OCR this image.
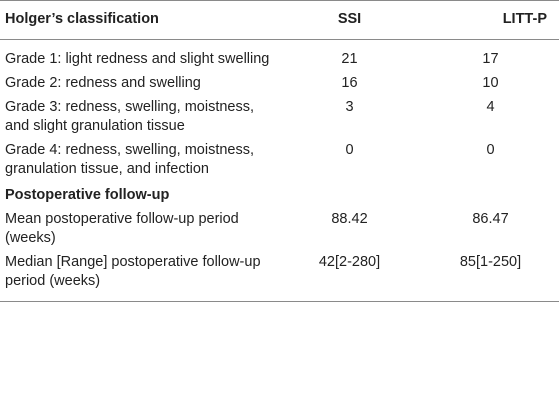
Holger’s classification	SSI	LITT-P
Grade 1: light redness and slight swelling	21	17
Grade 2: redness and swelling	16	10
Grade 3: redness, swelling, moistness, and slight granulation tissue	3	4
Grade 4: redness, swelling, moistness, granulation tissue, and infection	0	0
Postoperative follow-up		
Mean postoperative follow-up period (weeks)	88.42	86.47
Median [Range] postoperative follow-up period (weeks)	42[2-280]	85[1-250]
